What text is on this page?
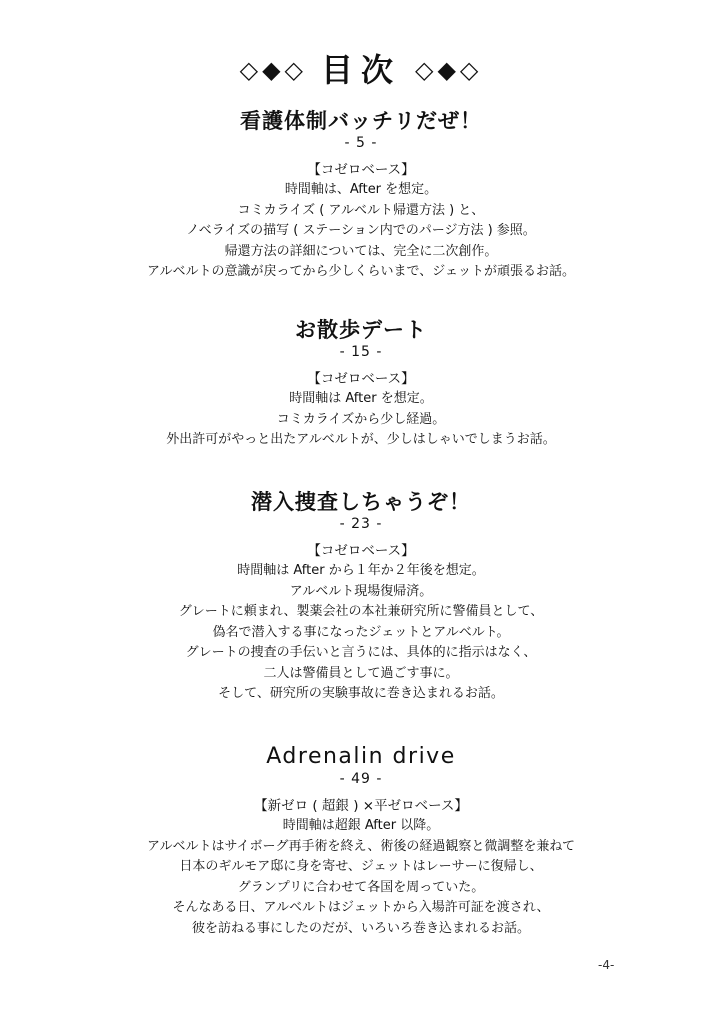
◇◆◇ 目次 ◇◆◇
看護体制バッチリだぜ！
- 5 -
【コゼロベース】
時間軸は、After を想定。
コミカライズ ( アルベルト帰還方法 ) と、
ノベライズの描写 ( ステーション内でのパージ方法 ) 参照。
帰還方法の詳細については、完全に二次創作。
アルベルトの意識が戻ってから少しくらいまで、ジェットが頑張るお話。
お散歩デート
- 15 -
【コゼロベース】
時間軸は After を想定。
コミカライズから少し経過。
外出許可がやっと出たアルベルトが、少しはしゃいでしまうお話。
潜入捜査しちゃうぞ！
- 23 -
【コゼロベース】
時間軸は After から１年か２年後を想定。
アルベルト現場復帰済。
グレートに頼まれ、製薬会社の本社兼研究所に警備員として、
偽名で潜入する事になったジェットとアルベルト。
グレートの捜査の手伝いと言うには、具体的に指示はなく、
二人は警備員として過ごす事に。
そして、研究所の実験事故に巻き込まれるお話。
Adrenalin drive
- 49 -
【新ゼロ ( 超銀 ) ×平ゼロベース】
時間軸は超銀 After 以降。
アルベルトはサイボーグ再手術を終え、術後の経過観察と微調整を兼ねて
日本のギルモア邸に身を寄せ、ジェットはレーサーに復帰し、
グランプリに合わせて各国を周っていた。
そんなある日、アルベルトはジェットから入場許可証を渡され、
彼を訪ねる事にしたのだが、いろいろ巻き込まれるお話。
-4-
